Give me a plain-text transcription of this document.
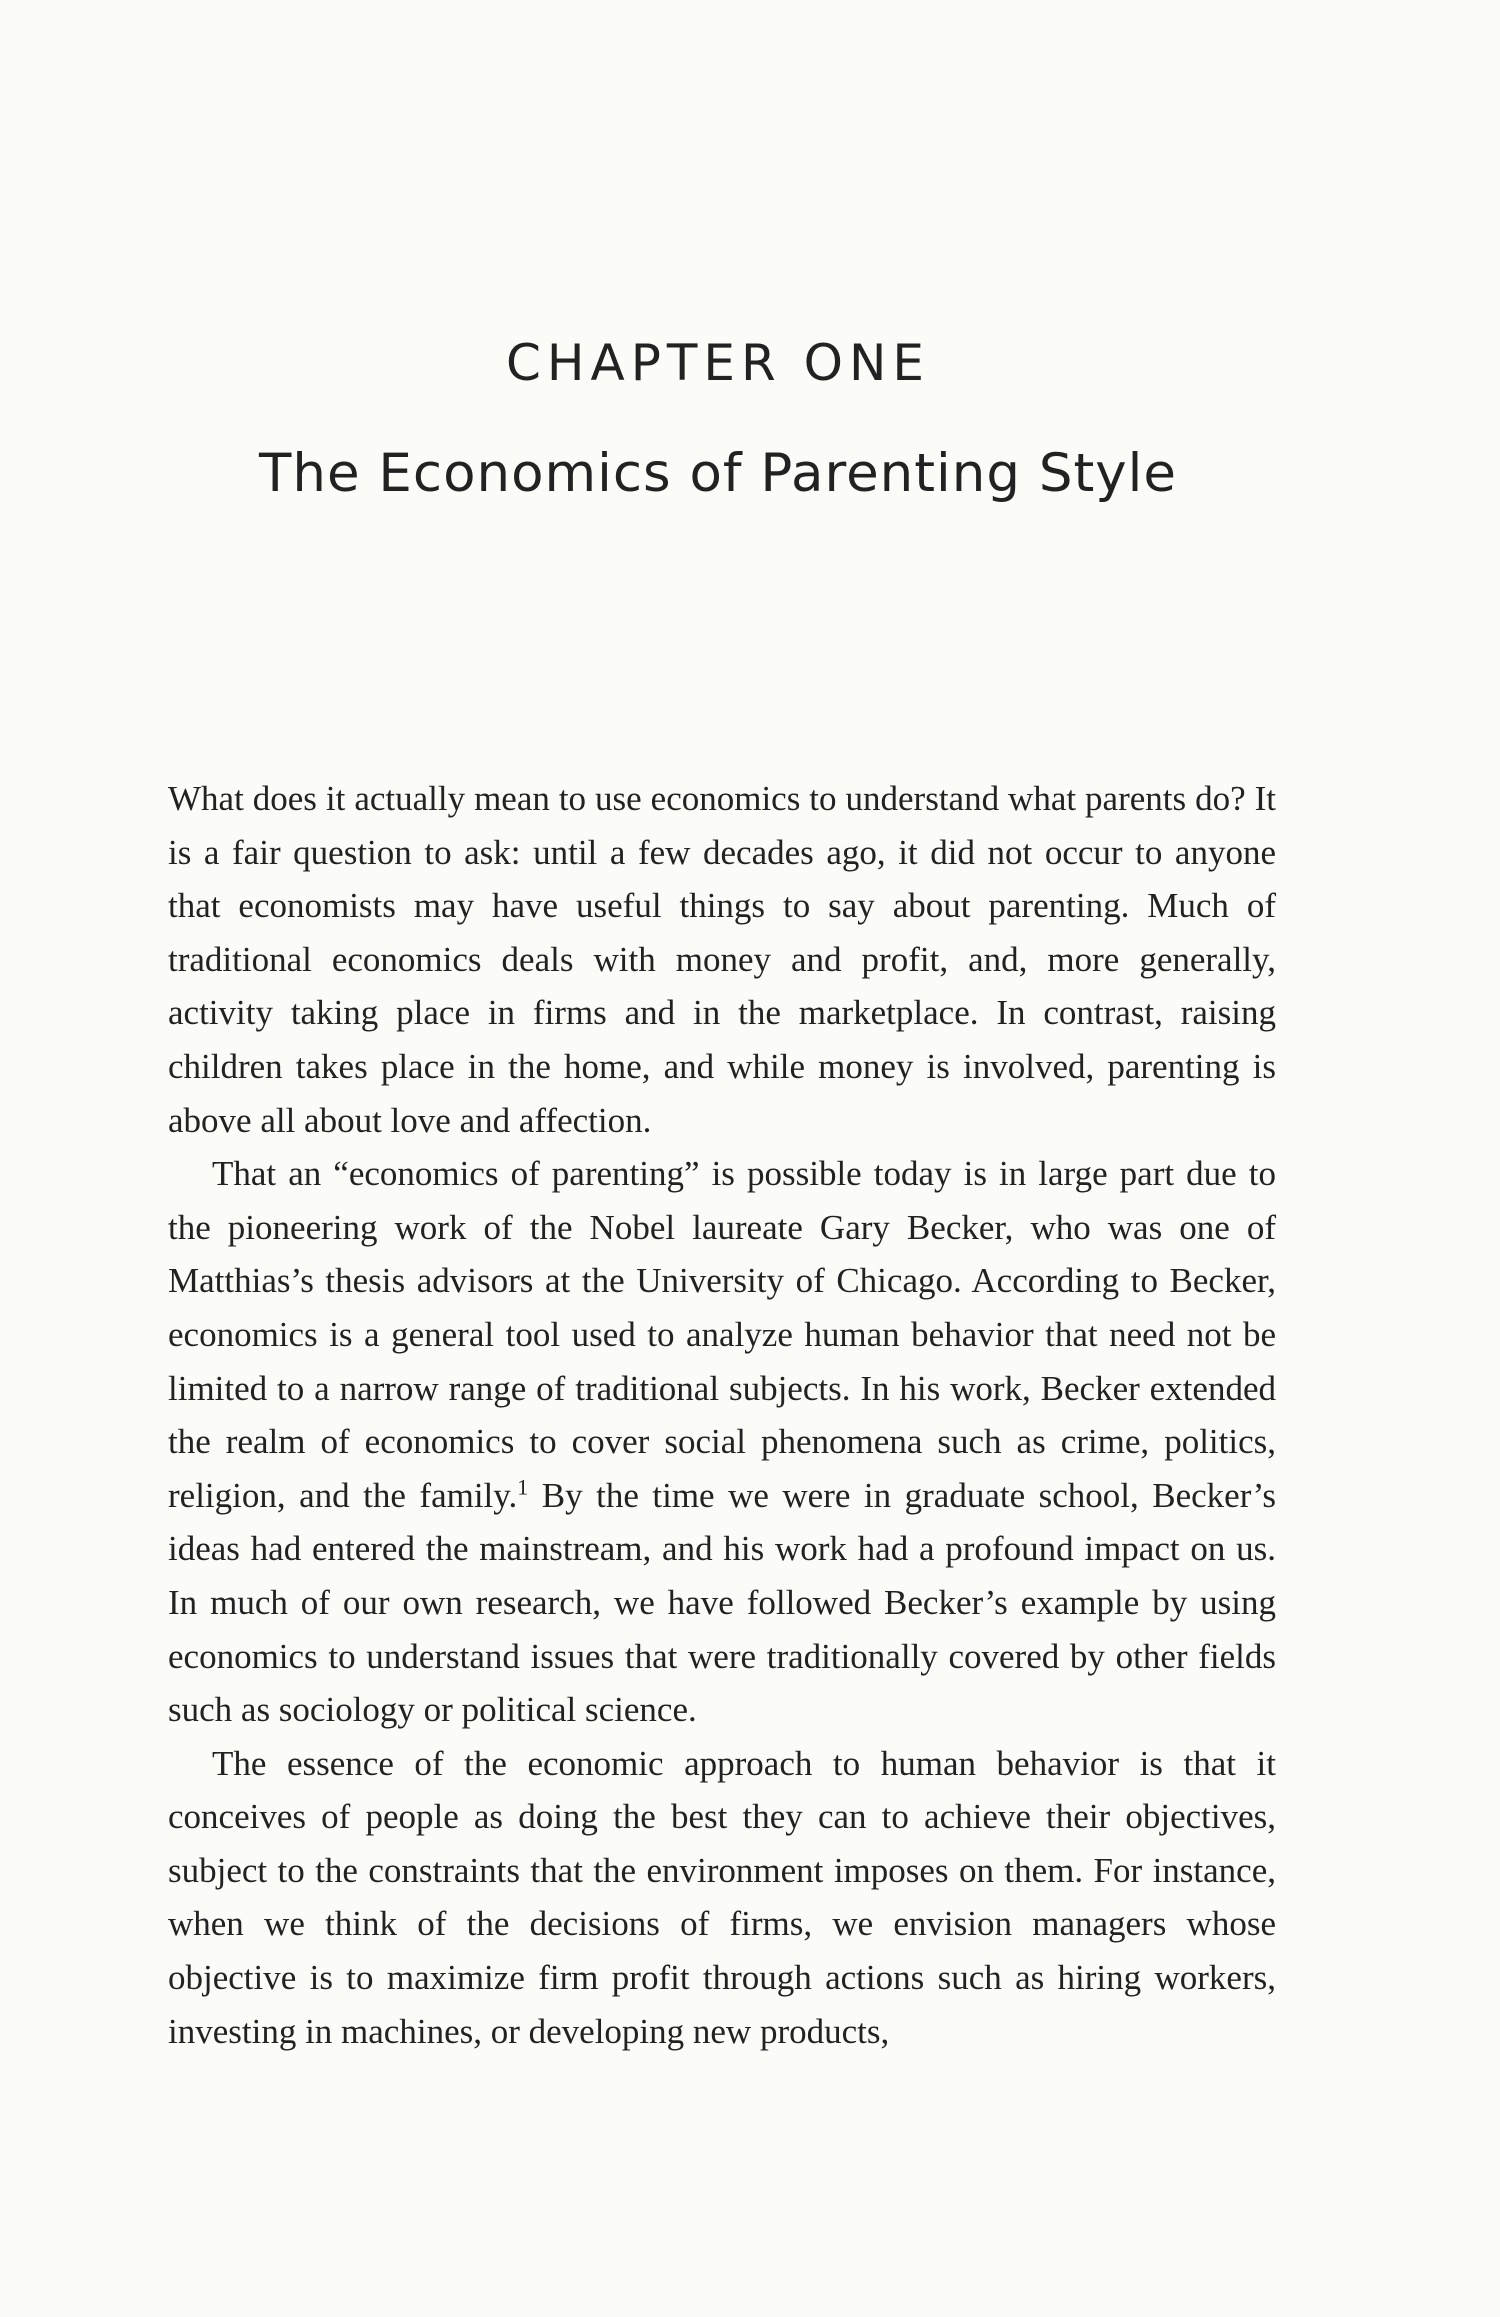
CHAPTER ONE
The Economics of Parenting Style

What does it actually mean to use economics to understand what parents do? It is a fair question to ask: until a few decades ago, it did not occur to anyone that economists may have useful things to say about parenting. Much of traditional economics deals with money and profit, and, more generally, activity taking place in firms and in the marketplace. In contrast, raising children takes place in the home, and while money is involved, parenting is above all about love and affection.

That an “economics of parenting” is possible today is in large part due to the pioneering work of the Nobel laureate Gary Becker, who was one of Matthias’s thesis advisors at the University of Chicago. According to Becker, economics is a general tool used to analyze human behavior that need not be limited to a narrow range of traditional subjects. In his work, Becker extended the realm of economics to cover social phenomena such as crime, politics, religion, and the family.$^1$ By the time we were in graduate school, Becker’s ideas had entered the mainstream, and his work had a profound impact on us. In much of our own research, we have followed Becker’s example by using economics to understand issues that were traditionally covered by other fields such as sociology or political science.

The essence of the economic approach to human behavior is that it conceives of people as doing the best they can to achieve their objectives, subject to the constraints that the environment imposes on them. For instance, when we think of the decisions of firms, we envision managers whose objective is to maximize firm profit through actions such as hiring workers, investing in machines, or developing new products,
